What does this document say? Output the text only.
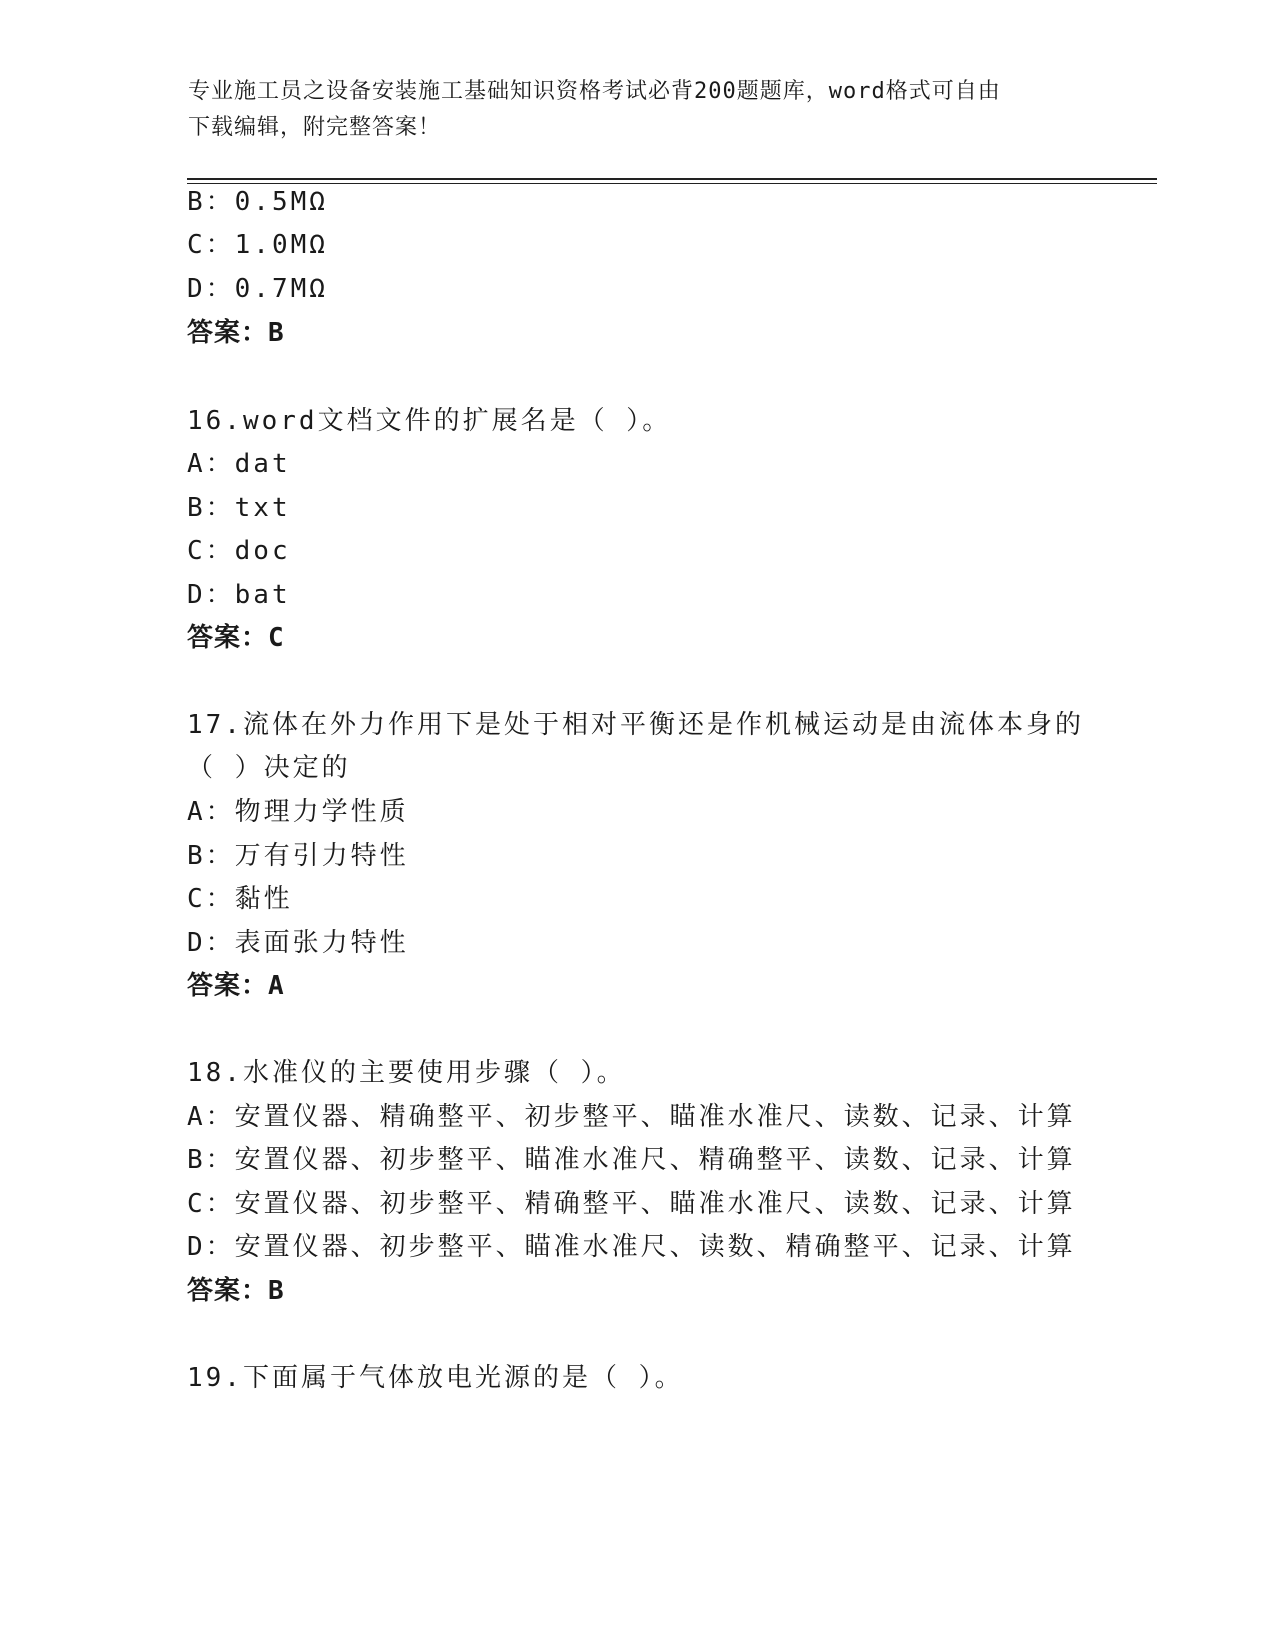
专业施工员之设备安装施工基础知识资格考试必背200题题库，word格式可自由
下载编辑，附完整答案！
B：0.5MΩ
C：1.0MΩ
D：0.7MΩ
答案：B
16.word文档文件的扩展名是（ ）。
A：dat
B：txt
C：doc
D：bat
答案：C
17.流体在外力作用下是处于相对平衡还是作机械运动是由流体本身的
（ ）决定的
A：物理力学性质
B：万有引力特性
C：黏性
D：表面张力特性
答案：A
18.水准仪的主要使用步骤（ ）。
A：安置仪器、精确整平、初步整平、瞄准水准尺、读数、记录、计算
B：安置仪器、初步整平、瞄准水准尺、精确整平、读数、记录、计算
C：安置仪器、初步整平、精确整平、瞄准水准尺、读数、记录、计算
D：安置仪器、初步整平、瞄准水准尺、读数、精确整平、记录、计算
答案：B
19.下面属于气体放电光源的是（ ）。
